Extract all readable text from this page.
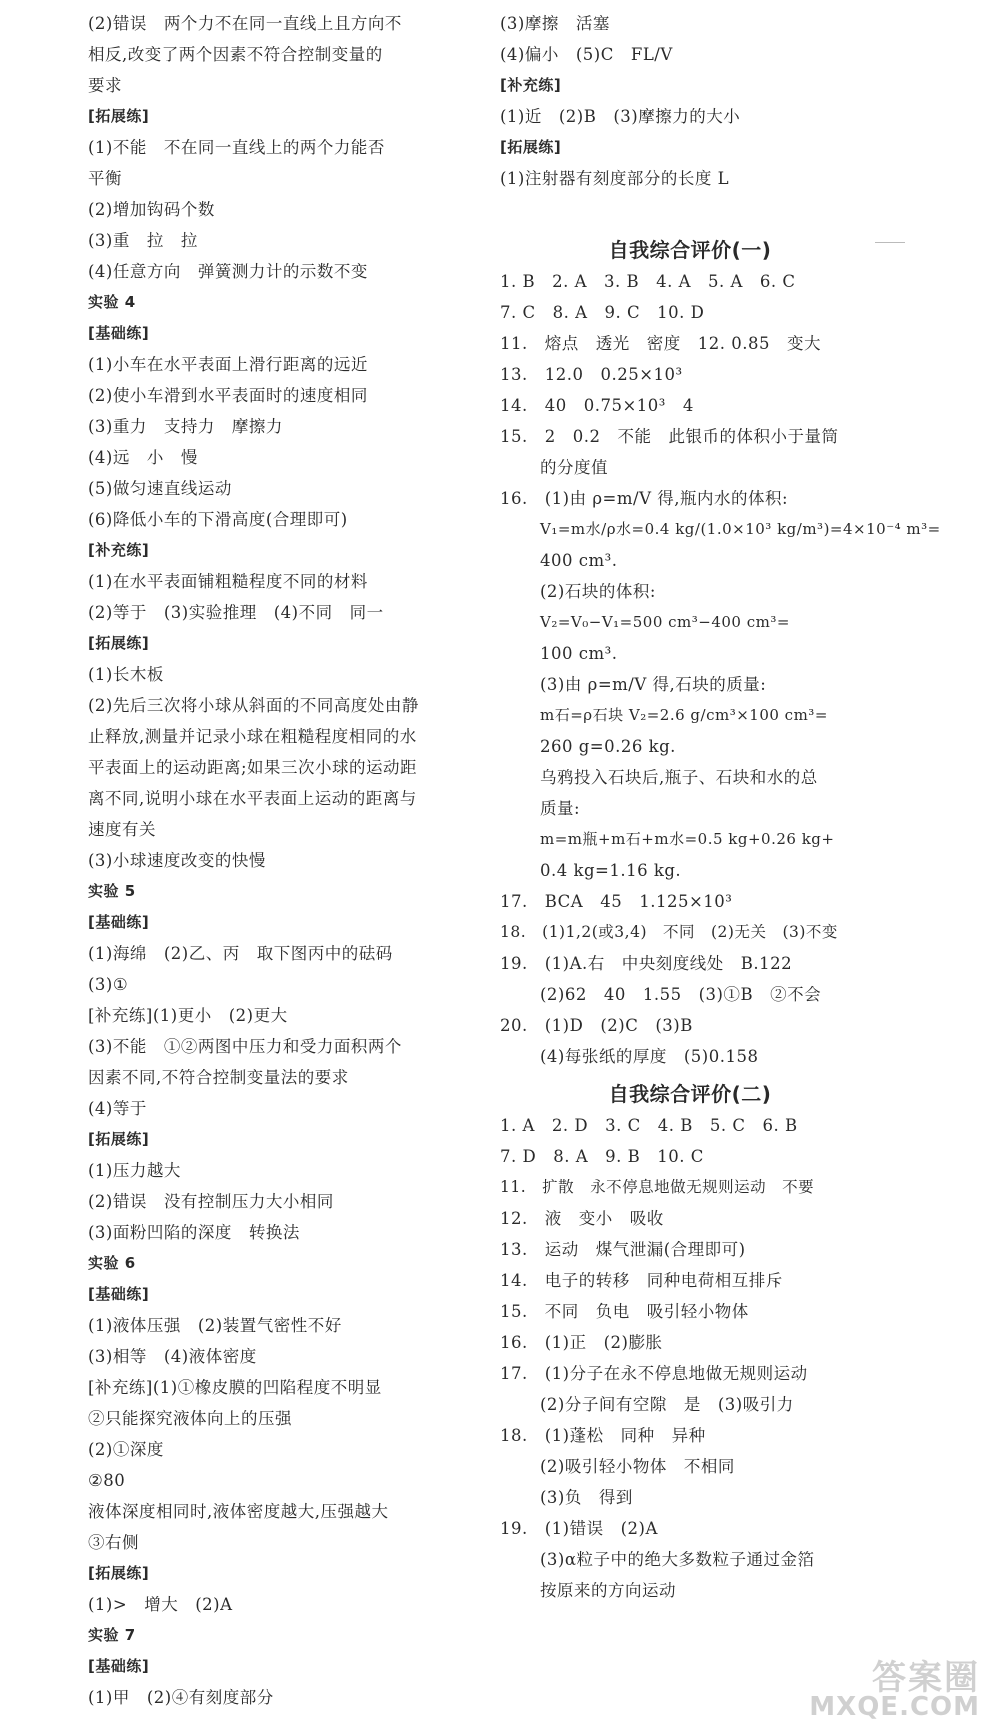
(2)错误　两个力不在同一直线上且方向不
相反,改变了两个因素不符合控制变量的
要求
[拓展练]
(1)不能　不在同一直线上的两个力能否
平衡
(2)增加钩码个数
(3)重　拉　拉
(4)任意方向　弹簧测力计的示数不变
实验 4
[基础练]
(1)小车在水平表面上滑行距离的远近
(2)使小车滑到水平表面时的速度相同
(3)重力　支持力　摩擦力
(4)远　小　慢
(5)做匀速直线运动
(6)降低小车的下滑高度(合理即可)
[补充练]
(1)在水平表面铺粗糙程度不同的材料
(2)等于　(3)实验推理　(4)不同　同一
[拓展练]
(1)长木板
(2)先后三次将小球从斜面的不同高度处由静
止释放,测量并记录小球在粗糙程度相同的水
平表面上的运动距离;如果三次小球的运动距
离不同,说明小球在水平表面上运动的距离与
速度有关
(3)小球速度改变的快慢
实验 5
[基础练]
(1)海绵　(2)乙、丙　取下图丙中的砝码
(3)①
[补充练](1)更小　(2)更大
(3)不能　①②两图中压力和受力面积两个
因素不同,不符合控制变量法的要求
(4)等于
[拓展练]
(1)压力越大
(2)错误　没有控制压力大小相同
(3)面粉凹陷的深度　转换法
实验 6
[基础练]
(1)液体压强　(2)装置气密性不好
(3)相等　(4)液体密度
[补充练](1)①橡皮膜的凹陷程度不明显
②只能探究液体向上的压强
(2)①深度
②80
液体深度相同时,液体密度越大,压强越大
③右侧
[拓展练]
(1)>　增大　(2)A
实验 7
[基础练]
(1)甲　(2)④有刻度部分
(3)摩擦　活塞
(4)偏小　(5)C　FL/V
[补充练]
(1)近　(2)B　(3)摩擦力的大小
[拓展练]
(1)注射器有刻度部分的长度 L
自我综合评价(一)
1. B　2. A　3. B　4. A　5. A　6. C
7. C　8. A　9. C　10. D
11.　熔点　透光　密度　12. 0.85　变大
13.　12.0　0.25×10³
14.　40　0.75×10³　4
15.　2　0.2　不能　此银币的体积小于量筒
的分度值
16.　(1)由 ρ=m/V 得,瓶内水的体积:
V₁=m水/ρ水=0.4 kg/(1.0×10³ kg/m³)=4×10⁻⁴ m³=
400 cm³.
(2)石块的体积:
V₂=V₀−V₁=500 cm³−400 cm³=
100 cm³.
(3)由 ρ=m/V 得,石块的质量:
m石=ρ石块 V₂=2.6 g/cm³×100 cm³=
260 g=0.26 kg.
乌鸦投入石块后,瓶子、石块和水的总
质量:
m=m瓶+m石+m水=0.5 kg+0.26 kg+
0.4 kg=1.16 kg.
17.　BCA　45　1.125×10³
18.　(1)1,2(或3,4)　不同　(2)无关　(3)不变
19.　(1)A.右　中央刻度线处　B.122
(2)62　40　1.55　(3)①B　②不会
20.　(1)D　(2)C　(3)B
(4)每张纸的厚度　(5)0.158
自我综合评价(二)
1. A　2. D　3. C　4. B　5. C　6. B
7. D　8. A　9. B　10. C
11.　扩散　永不停息地做无规则运动　不要
12.　液　变小　吸收
13.　运动　煤气泄漏(合理即可)
14.　电子的转移　同种电荷相互排斥
15.　不同　负电　吸引轻小物体
16.　(1)正　(2)膨胀
17.　(1)分子在永不停息地做无规则运动
(2)分子间有空隙　是　(3)吸引力
18.　(1)蓬松　同种　异种
(2)吸引轻小物体　不相同
(3)负　得到
19.　(1)错误　(2)A
(3)α粒子中的绝大多数粒子通过金箔
按原来的方向运动
答案圈
MXQE.COM
